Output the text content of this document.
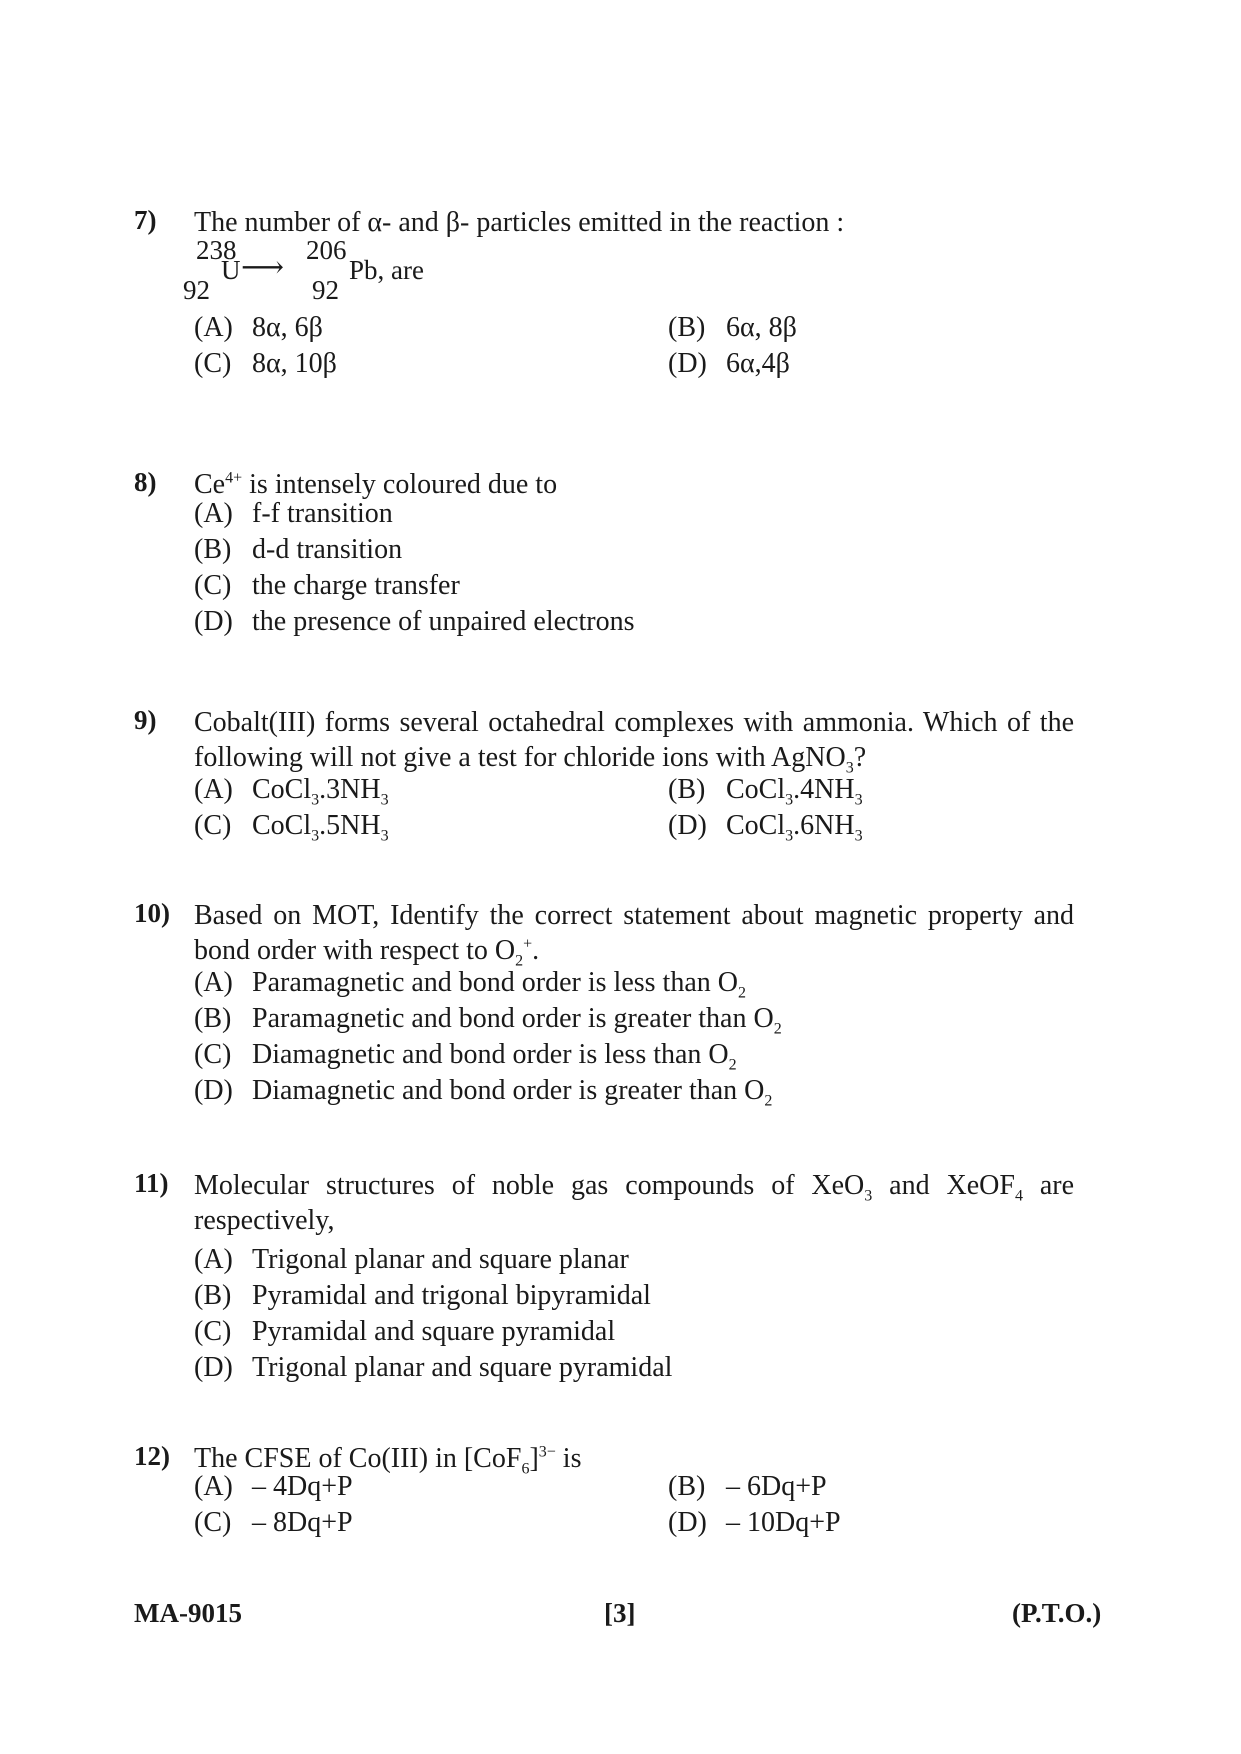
7) The number of α- and β- particles emitted in the reaction :
238
92
U ⟶
206
92
Pb, are
(A) 8α, 6β	(B) 6α, 8β
(C) 8α, 10β	(D) 6α,4β
8) $Ce^{4+}$ is intensely coloured due to
(A) f-f transition
(B) d-d transition
(C) the charge transfer
(D) the presence of unpaired electrons
9) Cobalt(III) forms several octahedral complexes with ammonia. Which of the
following will not give a test for chloride ions with AgNO$_3$?
(A) $CoCl_3.3NH_3$	(B) $CoCl_3.4NH_3$
(C) $CoCl_3.5NH_3$	(D) $CoCl_3.6NH_3$
10) Based on MOT, Identify the correct statement about magnetic property and
bond order with respect to $O_2^+$.
(A) Paramagnetic and bond order is less than $O_2$
(B) Paramagnetic and bond order is greater than $O_2$
(C) Diamagnetic and bond order is less than $O_2$
(D) Diamagnetic and bond order is greater than $O_2$
11) Molecular structures of noble gas compounds of XeO$_3$ and XeOF$_4$ are
respectively,
(A) Trigonal planar and square planar
(B) Pyramidal and trigonal bipyramidal
(C) Pyramidal and square pyramidal
(D) Trigonal planar and square pyramidal
12) The CFSE of Co(III) in $[CoF_6]^{3-}$ is
(A) – 4Dq+P	(B) – 6Dq+P
(C) – 8Dq+P	(D) – 10Dq+P
MA-9015	[3]	(P.T.O.)
